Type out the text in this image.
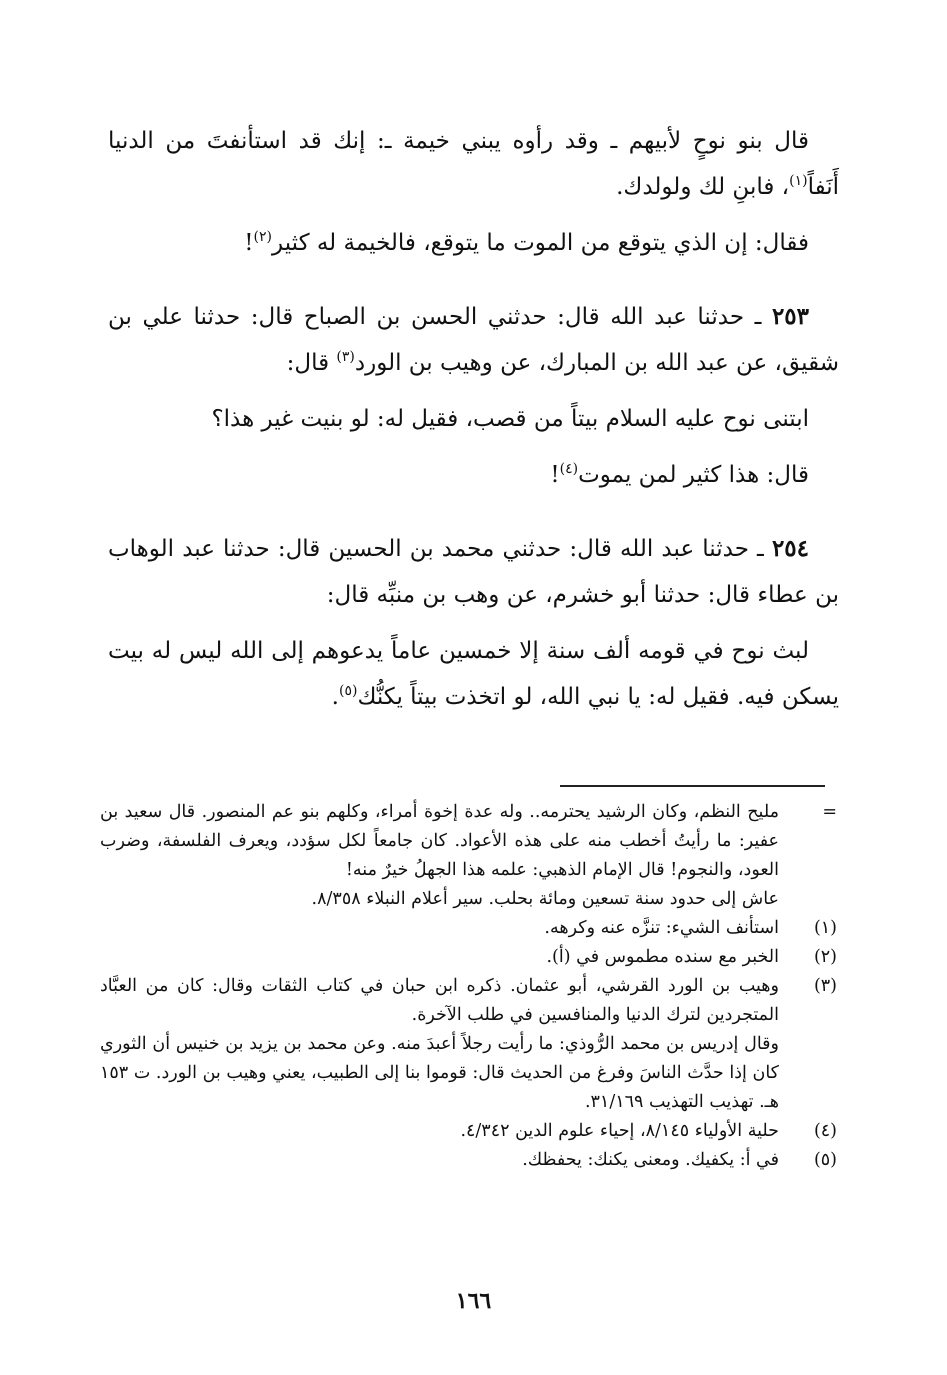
قال بنو نوحٍ لأبيهم ـ وقد رأوه يبني خيمة ـ: إنك قد استأنفتَ من الدنيا أَنَفاً$^{(١)}$، فابنِ لك ولولدك.

فقال: إن الذي يتوقع من الموت ما يتوقع، فالخيمة له كثير$^{(٢)}$!

٢٥٣ ـ حدثنا عبد الله قال: حدثني الحسن بن الصباح قال: حدثنا علي بن شقيق، عن عبد الله بن المبارك، عن وهيب بن الورد$^{(٣)}$ قال:

ابتنى نوح عليه السلام بيتاً من قصب، فقيل له: لو بنيت غير هذا؟

قال: هذا كثير لمن يموت$^{(٤)}$!

٢٥٤ ـ حدثنا عبد الله قال: حدثني محمد بن الحسين قال: حدثنا عبد الوهاب بن عطاء قال: حدثنا أبو خشرم، عن وهب بن منبِّه قال:

لبث نوح في قومه ألف سنة إلا خمسين عاماً يدعوهم إلى الله ليس له بيت يسكن فيه. فقيل له: يا نبي الله، لو اتخذت بيتاً يكنُّك$^{(٥)}$.

=
مليح النظم، وكان الرشيد يحترمه.. وله عدة إخوة أمراء، وكلهم بنو عم المنصور. قال سعيد بن عفير: ما رأيتُ أخطب منه على هذه الأعواد. كان جامعاً لكل سؤدد، ويعرف الفلسفة، وضرب العود، والنجوم! قال الإمام الذهبي: علمه هذا الجهلُ خيرٌ منه!
عاش إلى حدود سنة تسعين ومائة بحلب. سير أعلام النبلاء ٨/٣٥٨.
(١)
استأنف الشيء: تنزَّه عنه وكرهه.
(٢)
الخبر مع سنده مطموس في (أ).
(٣)
وهيب بن الورد القرشي، أبو عثمان. ذكره ابن حبان في كتاب الثقات وقال: كان من العبَّاد المتجردين لترك الدنيا والمنافسين في طلب الآخرة.
وقال إدريس بن محمد الرُّوذي: ما رأيت رجلاً أعبدَ منه. وعن محمد بن يزيد بن خنيس أن الثوري كان إذا حدَّث الناسَ وفرغ من الحديث قال: قوموا بنا إلى الطبيب، يعني وهيب بن الورد. ت ١٥٣ هـ. تهذيب التهذيب ٣١/١٦٩.
(٤)
حلية الأولياء ٨/١٤٥، إحياء علوم الدين ٤/٣٤٢.
(٥)
في أ: يكفيك. ومعنى يكنك: يحفظك.
١٦٦
